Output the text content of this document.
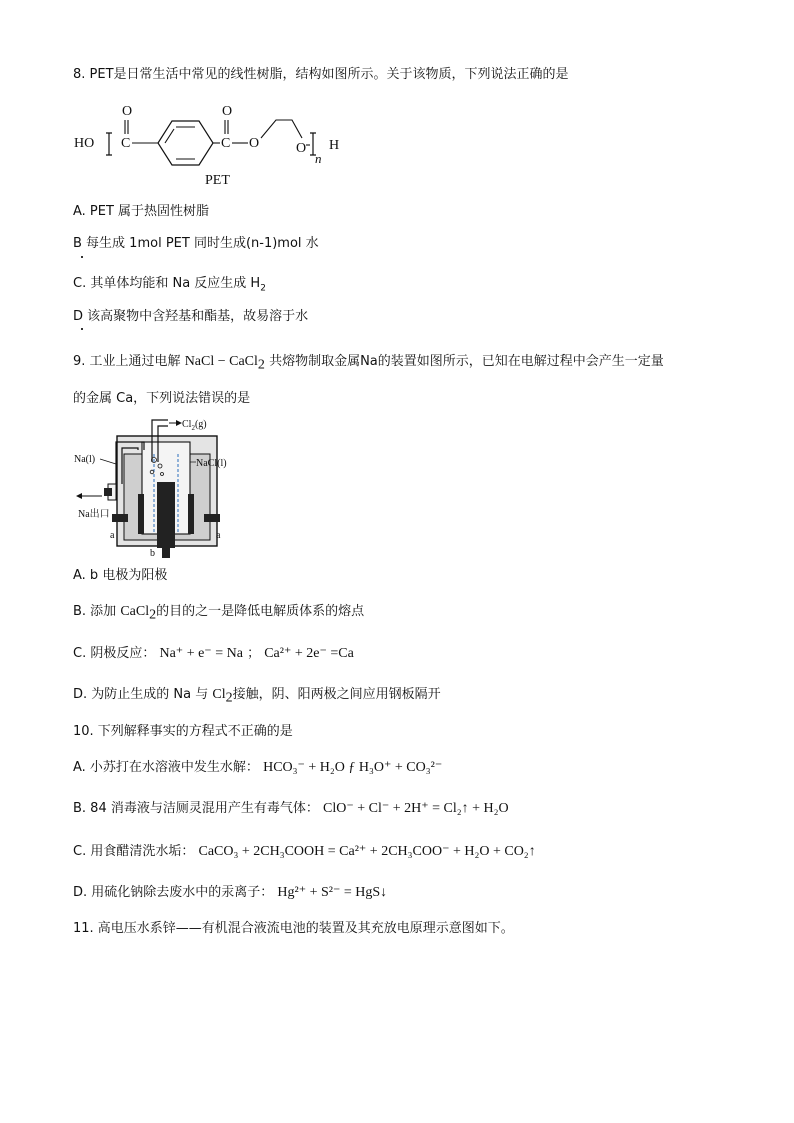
8. PET是日常生活中常见的线性树脂，结构如图所示。关于该物质，下列说法正确的是
HO C
O
C
O
O	O
n
H
PET
A. PET 属于热固性树脂
B 每生成 1mol PET 同时生成(n-1)mol 水
C. 其单体均能和 Na 反应生成 $H_2$
D 该高聚物中含羟基和酯基，故易溶于水
9. 工业上通过电解 NaCl − CaCl$_2$ 共熔物制取金属Na的装置如图所示，已知在电解过程中会产生一定量
的金属 Ca，下列说法错误的是
$Cl_2(g)$
Na(l)	NaCl(l)
Na出口
a	a
b
A. b 电极为阳极
B. 添加 CaCl$_2$的目的之一是降低电解质体系的熔点
C. 阴极反应： Na⁺ + e⁻ = Na ； Ca²⁺ + 2e⁻ =Ca
D. 为防止生成的 Na 与 $Cl_2$接触，阴、阳两极之间应用钢板隔开
10. 下列解释事实的方程式不正确的是
A. 小苏打在水溶液中发生水解： HCO₃⁻ + H₂O ƒ H₃O⁺ + CO₃²⁻
B. 84 消毒液与洁厕灵混用产生有毒气体： ClO⁻ + Cl⁻ + 2H⁺ = Cl₂↑ + H₂O
C. 用食醋清洗水垢： CaCO₃ + 2CH₃COOH = Ca²⁺ + 2CH₃COO⁻ + H₂O + CO₂↑
D. 用硫化钠除去废水中的汞离子： Hg²⁺ + S²⁻ = HgS↓
11. 高电压水系锌——有机混合液流电池的装置及其充放电原理示意图如下。
